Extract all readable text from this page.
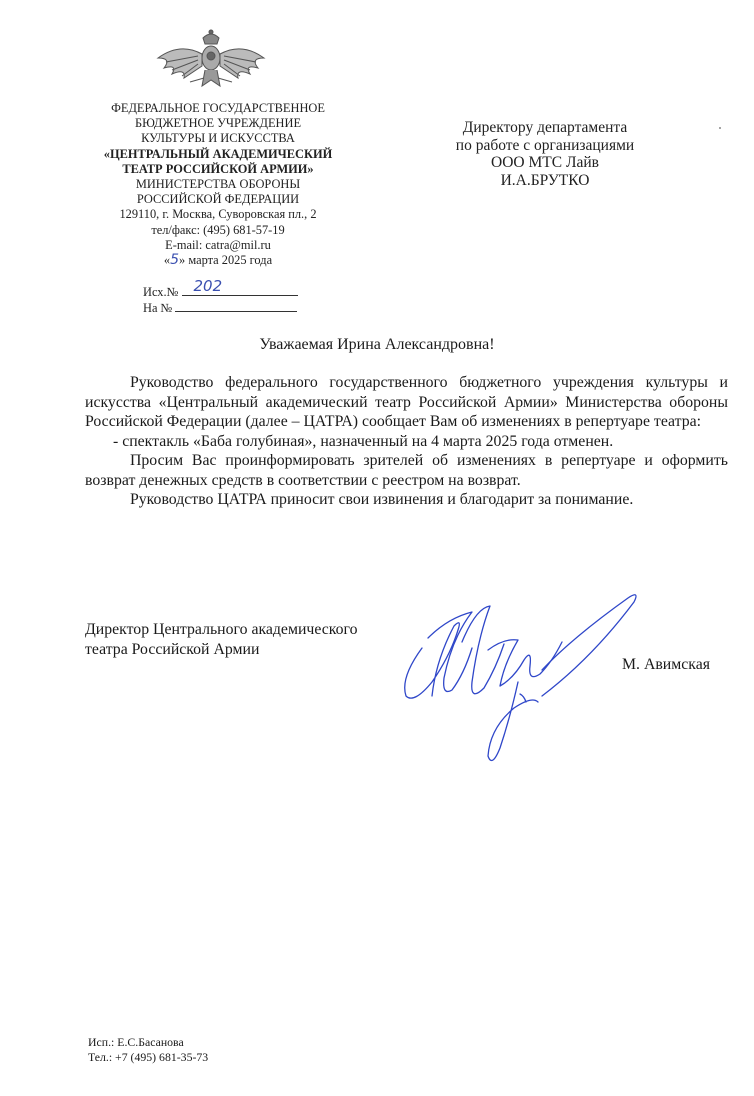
ФЕДЕРАЛЬНОЕ ГОСУДАРСТВЕННОЕ
БЮДЖЕТНОЕ УЧРЕЖДЕНИЕ
КУЛЬТУРЫ И ИСКУССТВА
«ЦЕНТРАЛЬНЫЙ АКАДЕМИЧЕСКИЙ
ТЕАТР РОССИЙСКОЙ АРМИИ»
МИНИСТЕРСТВА ОБОРОНЫ
РОССИЙСКОЙ ФЕДЕРАЦИИ
129110, г. Москва, Суворовская пл., 2
тел/факс: (495) 681-57-19
E-mail: catra@mil.ru
«5» марта 2025 года
Исх.№ 202
На №
Директору департамента
по работе с организациями
ООО МТС Лайв
И.А.БРУТКО
Уважаемая Ирина Александровна!

Руководство федерального государственного бюджетного учреждения культуры и искусства «Центральный академический театр Российской Армии» Министерства обороны Российской Федерации (далее – ЦАТРА) сообщает Вам об изменениях в репертуаре театра:

- спектакль «Баба голубиная», назначенный на 4 марта 2025 года отменен.

Просим Вас проинформировать зрителей об изменениях в репертуаре и оформить возврат денежных средств в соответствии с реестром на возврат.

Руководство ЦАТРА приносит свои извинения и благодарит за понимание.

Директор Центрального академического
театра Российской Армии
М. Авимская
Исп.: Е.С.Басанова
Тел.: +7 (495) 681-35-73
